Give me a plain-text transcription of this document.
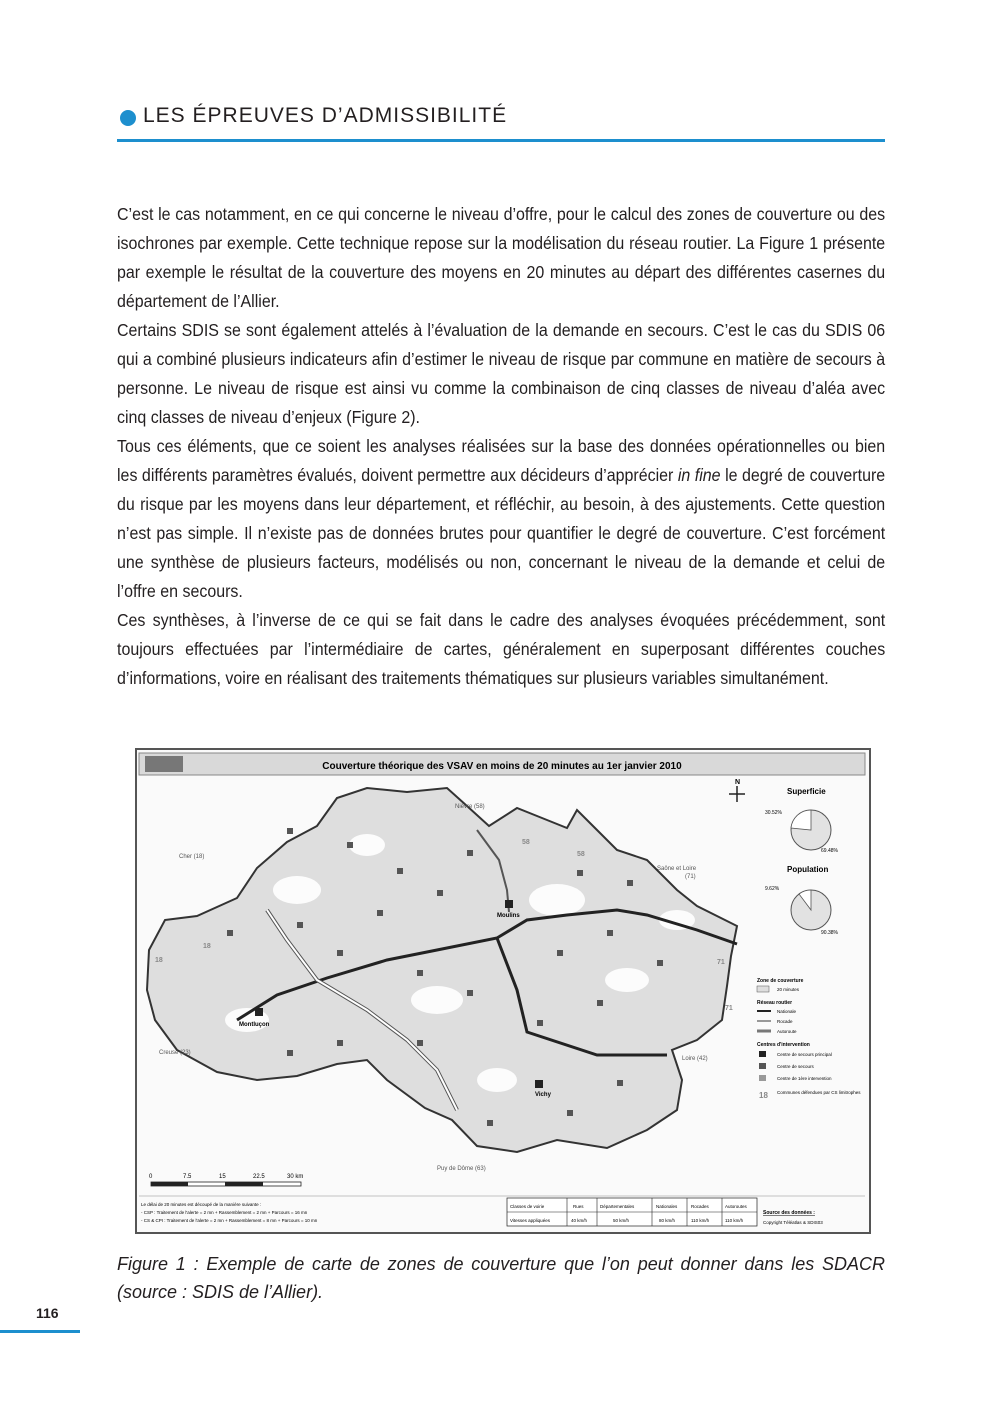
LES ÉPREUVES D’ADMISSIBILITÉ

C’est le cas notamment, en ce qui concerne le niveau d’offre, pour le calcul des zones de couverture ou des isochrones par exemple. Cette technique repose sur la modélisation du réseau routier. La Figure 1 présente par exemple le résultat de la couverture des moyens en 20 minutes au départ des différentes casernes du département de l’Allier.

Certains SDIS se sont également attelés à l’évaluation de la demande en secours. C’est le cas du SDIS 06 qui a combiné plusieurs indicateurs afin d’estimer le niveau de risque par commune en matière de secours à personne. Le niveau de risque est ainsi vu comme la combinaison de cinq classes de niveau d’aléa avec cinq classes de niveau d’enjeux (Figure 2).

Tous ces éléments, que ce soient les analyses réalisées sur la base des données opérationnelles ou bien les différents paramètres évalués, doivent permettre aux décideurs d’apprécier in fine le degré de couverture du risque par les moyens dans leur département, et réfléchir, au besoin, à des ajustements. Cette question n’est pas simple. Il n’existe pas de données brutes pour quantifier le degré de couverture. C’est forcément une synthèse de plusieurs facteurs, modélisés ou non, concernant le niveau de la demande et celui de l’offre en secours.

Ces synthèses, à l’inverse de ce qui se fait dans le cadre des analyses évoquées précédemment, sont toujours effectuées par l’intermédiaire de cartes, généralement en superposant différentes couches d’informations, voire en réalisant des traitements thématiques sur plusieurs variables simultanément.

Couverture théorique des VSAV en moins de 20 minutes au 1er janvier 2010
Nièvre (58)
Cher (18)
Saône et Loire
(71)
Creuse (23)
Loire (42)
Puy de Dôme (63)
58
58
18
18	71
71
Moulins
Montluçon
Vichy
N
Superficie
30.52%
69.48%
Population
9.62%
90.38%
Zone de couverture
20 minutes
Réseau routier
Nationale
Rocade
Autoroute
Centres d'intervention
Centre de secours principal
Centre de secours
Centre de 1ère intervention
18 Communes défendues par CS limitrophes
0	7.5	15	22.5	30 km
Le délai de 20 minutes est découpé de la manière suivante :
- CSP : Traitement de l'alerte = 2 mn + Rassemblement = 2 mn + Parcours = 16 mn
- CS & CPI : Traitement de l'alerte = 2 mn + Rassemblement = 8 mn + Parcours = 10 mn
Classes de voirie	Rues	Départementales	Nationales	Rocades	Autoroutes
Vitesses appliquées	40 km/h	50 km/h	80 km/h	110 km/h	110 km/h
Source des données :
Copyright Téléatlas & SDIS03
Figure 1 : Exemple de carte de zones de couverture que l’on peut donner dans les SDACR (source : SDIS de l’Allier).
116
